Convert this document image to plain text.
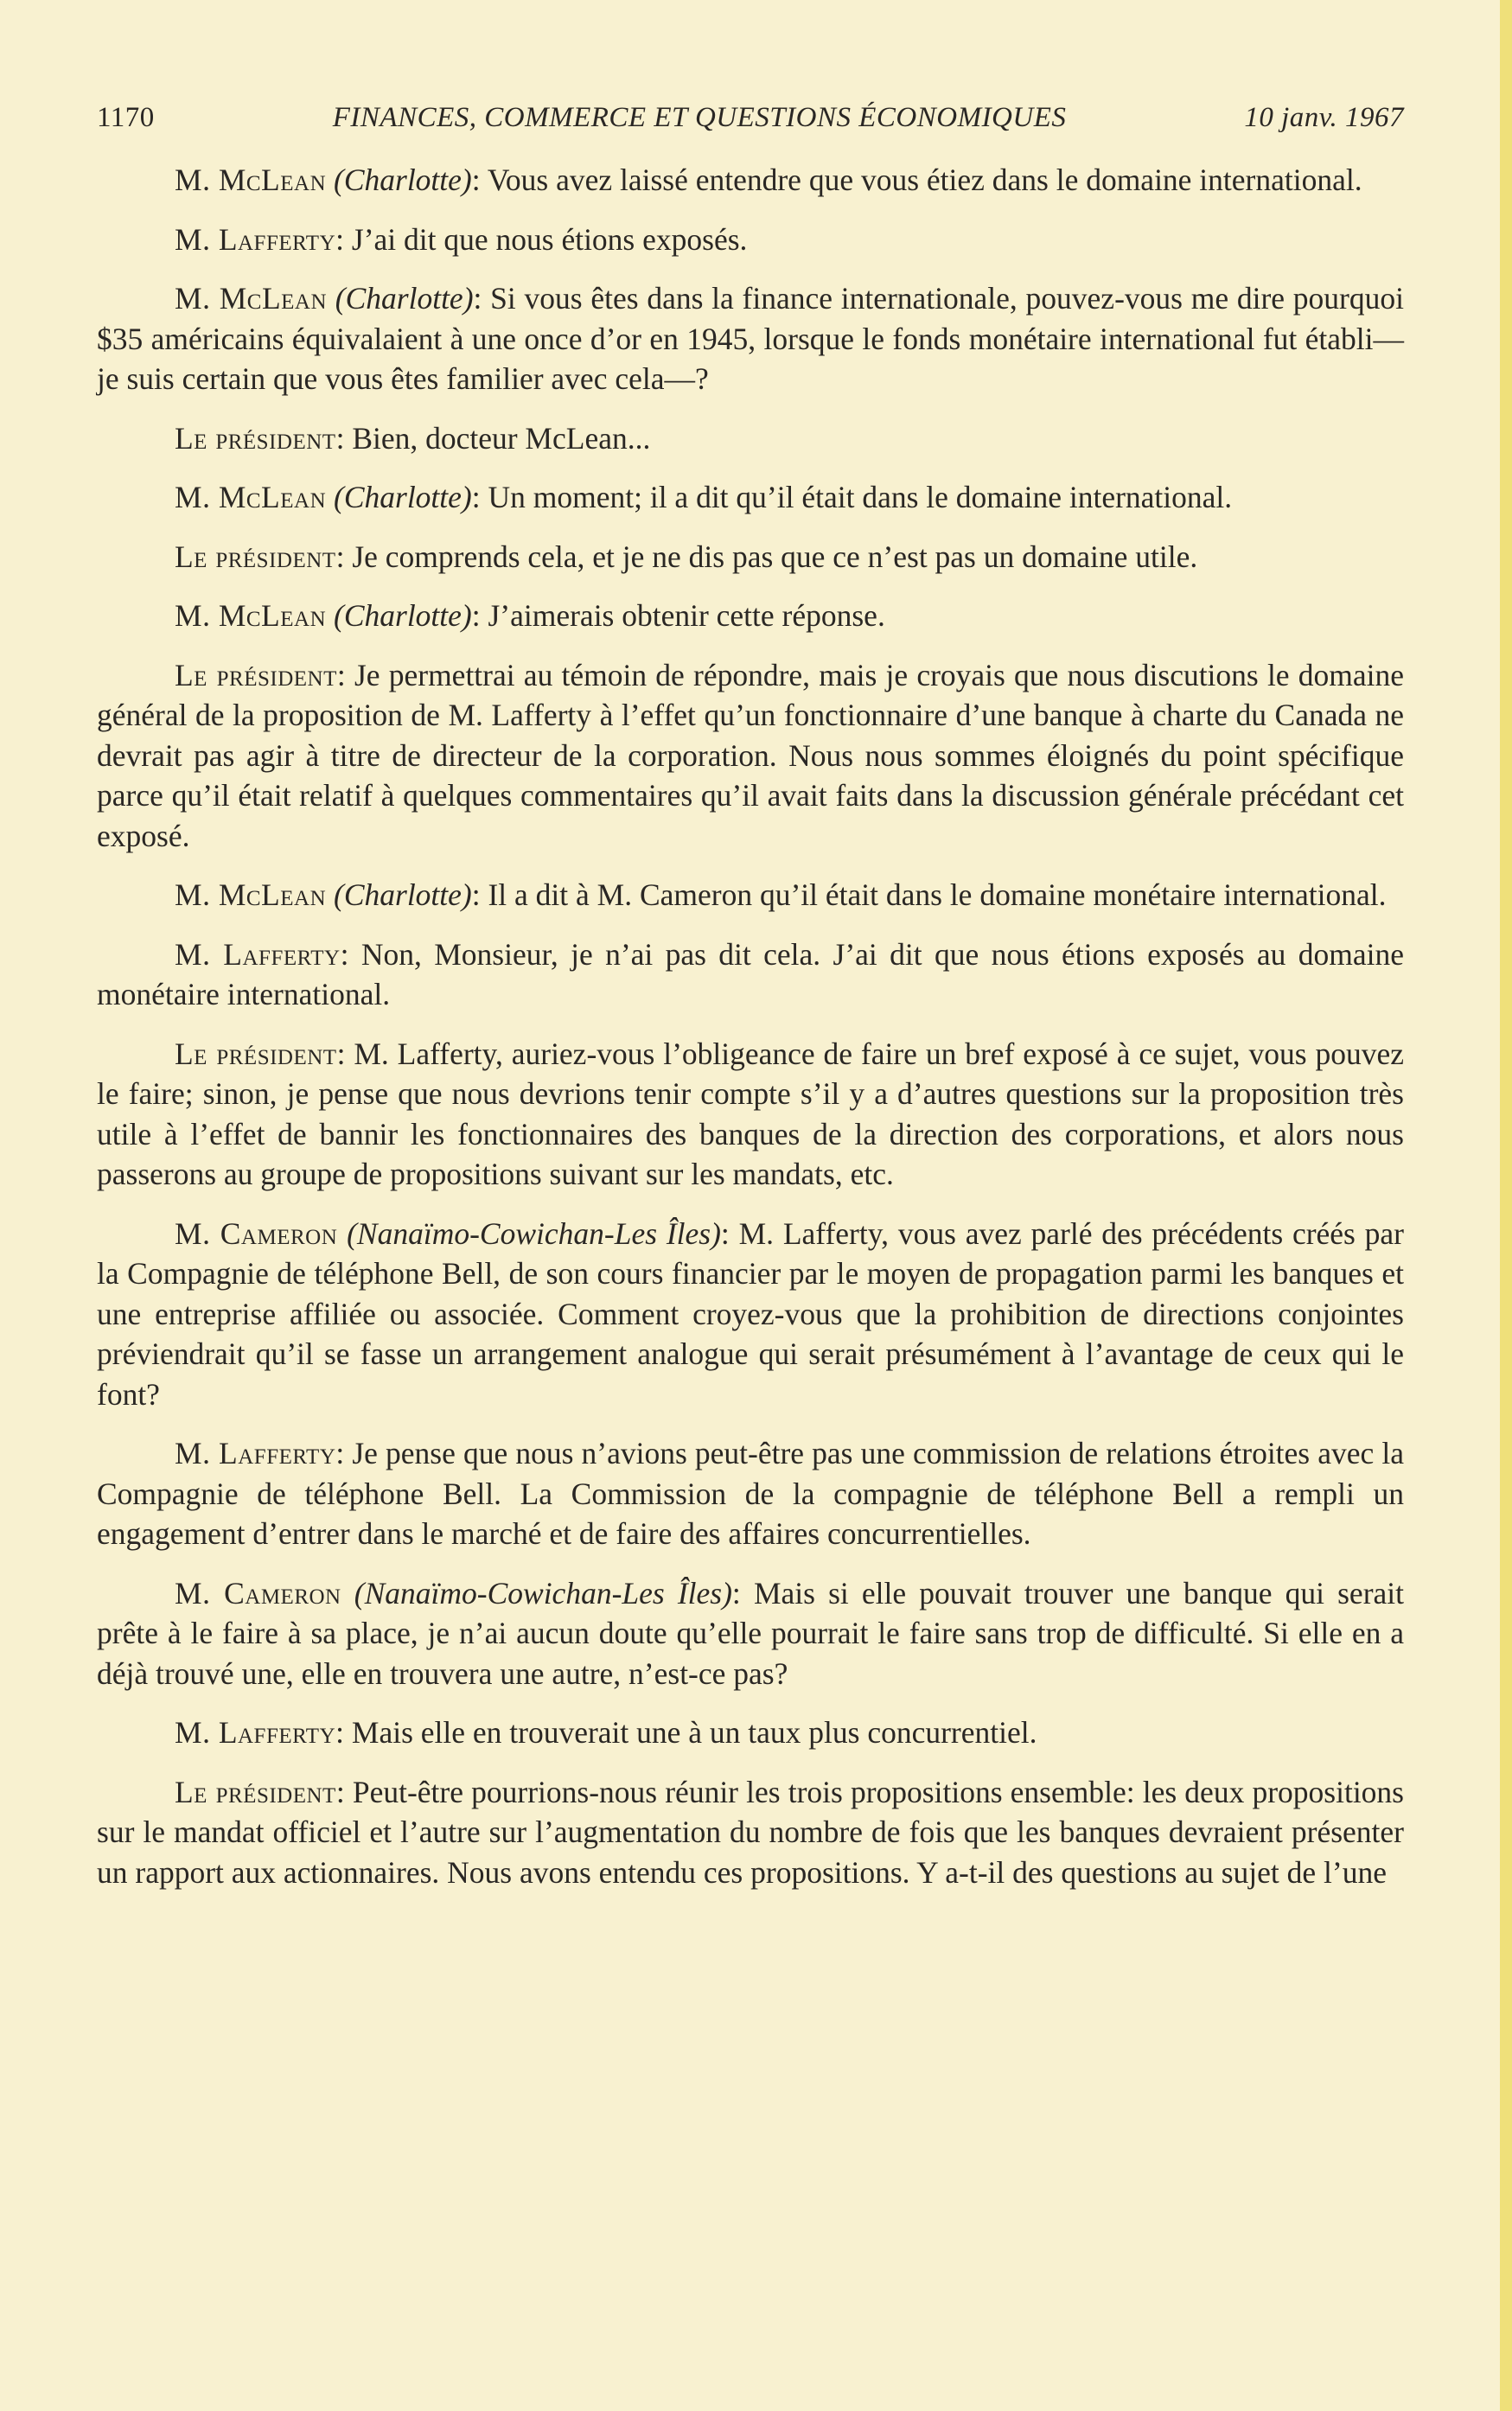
1170	FINANCES, COMMERCE ET QUESTIONS ÉCONOMIQUES	10 janv. 1967

M. McLean (Charlotte): Vous avez laissé entendre que vous étiez dans le domaine international.

M. Lafferty: J’ai dit que nous étions exposés.

M. McLean (Charlotte): Si vous êtes dans la finance internationale, pouvez-vous me dire pourquoi $35 américains équivalaient à une once d’or en 1945, lorsque le fonds monétaire international fut établi—je suis certain que vous êtes familier avec cela—?

Le président: Bien, docteur McLean...

M. McLean (Charlotte): Un moment; il a dit qu’il était dans le domaine international.

Le président: Je comprends cela, et je ne dis pas que ce n’est pas un domaine utile.

M. McLean (Charlotte): J’aimerais obtenir cette réponse.

Le président: Je permettrai au témoin de répondre, mais je croyais que nous discutions le domaine général de la proposition de M. Lafferty à l’effet qu’un fonctionnaire d’une banque à charte du Canada ne devrait pas agir à titre de directeur de la corporation. Nous nous sommes éloignés du point spécifique parce qu’il était relatif à quelques commentaires qu’il avait faits dans la discussion générale précédant cet exposé.

M. McLean (Charlotte): Il a dit à M. Cameron qu’il était dans le domaine monétaire international.

M. Lafferty: Non, Monsieur, je n’ai pas dit cela. J’ai dit que nous étions exposés au domaine monétaire international.

Le président: M. Lafferty, auriez-vous l’obligeance de faire un bref exposé à ce sujet, vous pouvez le faire; sinon, je pense que nous devrions tenir compte s’il y a d’autres questions sur la proposition très utile à l’effet de bannir les fonctionnaires des banques de la direction des corporations, et alors nous passerons au groupe de propositions suivant sur les mandats, etc.

M. Cameron (Nanaïmo-Cowichan-Les Îles): M. Lafferty, vous avez parlé des précédents créés par la Compagnie de téléphone Bell, de son cours financier par le moyen de propagation parmi les banques et une entreprise affiliée ou associée. Comment croyez-vous que la prohibition de directions conjointes préviendrait qu’il se fasse un arrangement analogue qui serait présumément à l’avantage de ceux qui le font?

M. Lafferty: Je pense que nous n’avions peut-être pas une commission de relations étroites avec la Compagnie de téléphone Bell. La Commission de la compagnie de téléphone Bell a rempli un engagement d’entrer dans le marché et de faire des affaires concurrentielles.

M. Cameron (Nanaïmo-Cowichan-Les Îles): Mais si elle pouvait trouver une banque qui serait prête à le faire à sa place, je n’ai aucun doute qu’elle pourrait le faire sans trop de difficulté. Si elle en a déjà trouvé une, elle en trouvera une autre, n’est-ce pas?

M. Lafferty: Mais elle en trouverait une à un taux plus concurrentiel.

Le président: Peut-être pourrions-nous réunir les trois propositions ensemble: les deux propositions sur le mandat officiel et l’autre sur l’augmentation du nombre de fois que les banques devraient présenter un rapport aux actionnaires. Nous avons entendu ces propositions. Y a-t-il des questions au sujet de l’une
